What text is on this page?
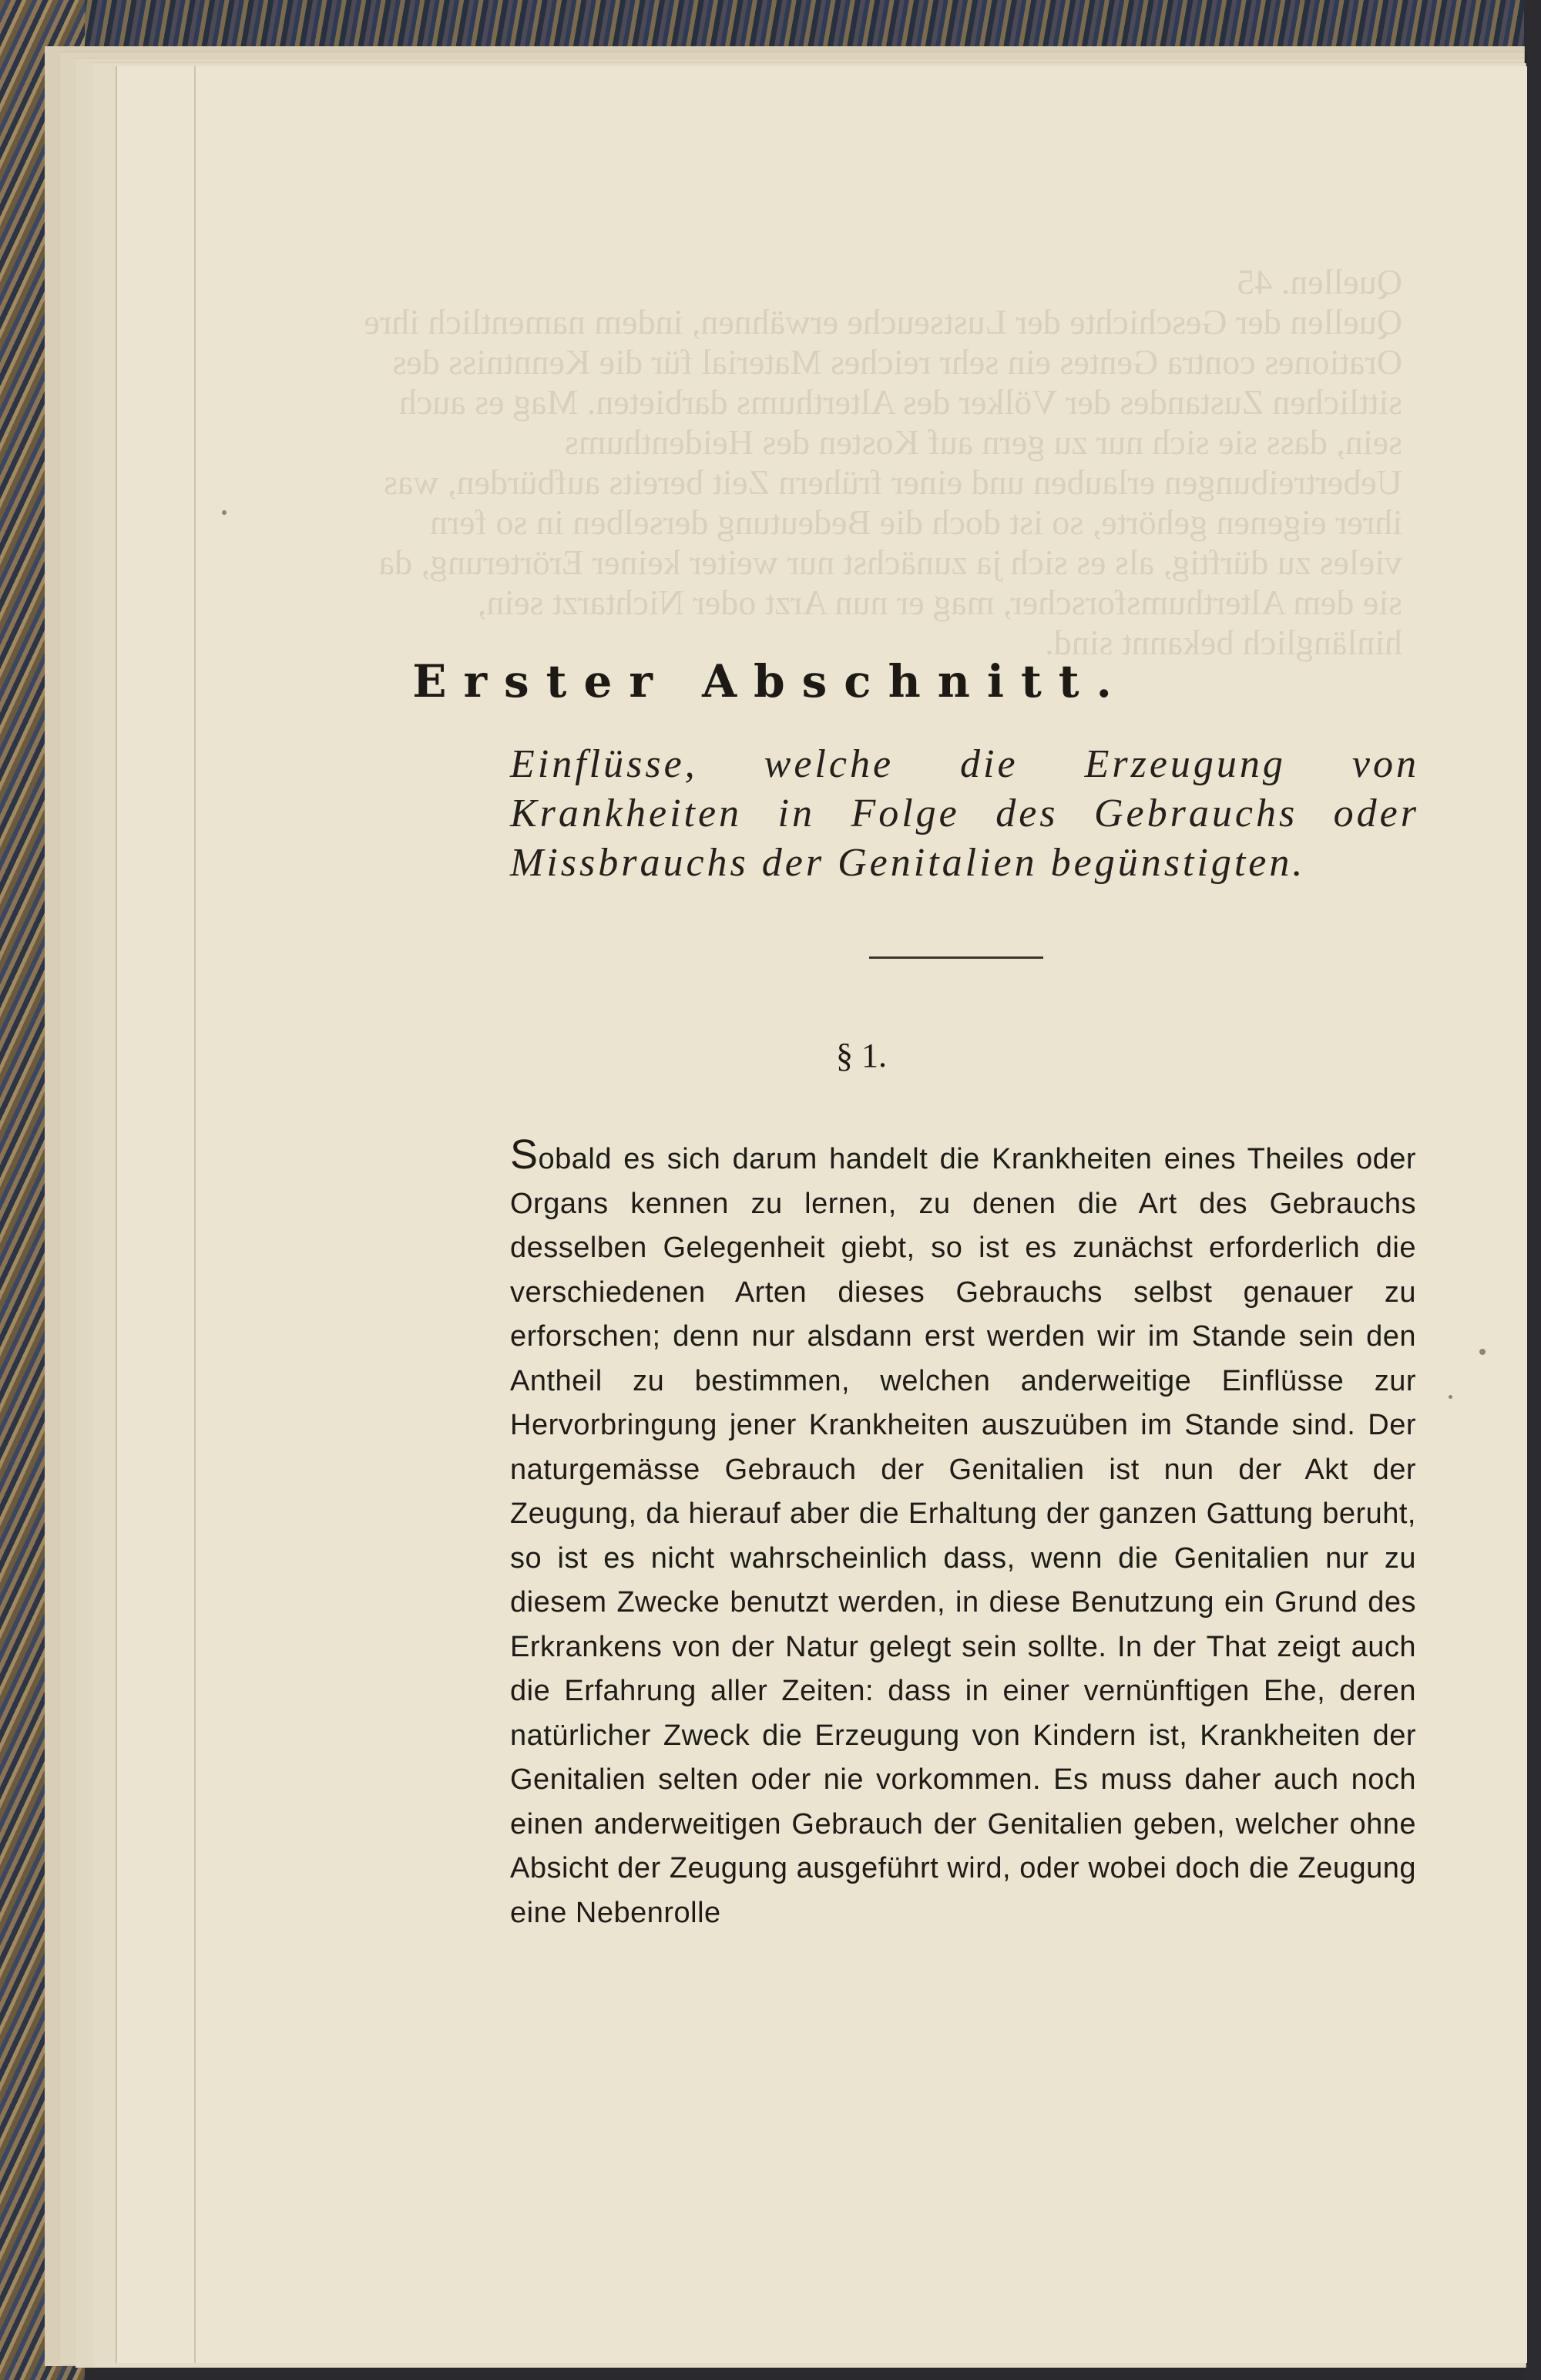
Erster Abschnitt.
Einflüsse, welche die Erzeugung von Krankheiten in Folge des Gebrauchs oder Missbrauchs der Genitalien begünstigten.
§ 1.
Sobald es sich darum handelt die Krankheiten eines Theiles oder Organs kennen zu lernen, zu denen die Art des Gebrauchs desselben Gelegenheit giebt, so ist es zunächst erforderlich die verschiedenen Arten dieses Gebrauchs selbst genauer zu erforschen; denn nur alsdann erst werden wir im Stande sein den Antheil zu bestimmen, welchen anderweitige Einflüsse zur Hervorbringung jener Krankheiten auszuüben im Stande sind. Der naturgemässe Gebrauch der Genitalien ist nun der Akt der Zeugung, da hierauf aber die Erhaltung der ganzen Gattung beruht, so ist es nicht wahrscheinlich dass, wenn die Genitalien nur zu diesem Zwecke benutzt werden, in diese Benutzung ein Grund des Erkrankens von der Natur gelegt sein sollte. In der That zeigt auch die Erfahrung aller Zeiten: dass in einer vernünftigen Ehe, deren natürlicher Zweck die Erzeugung von Kindern ist, Krankheiten der Genitalien selten oder nie vorkommen. Es muss daher auch noch einen anderweitigen Gebrauch der Genitalien geben, welcher ohne Absicht der Zeugung ausgeführt wird, oder wobei doch die Zeugung eine Nebenrolle
